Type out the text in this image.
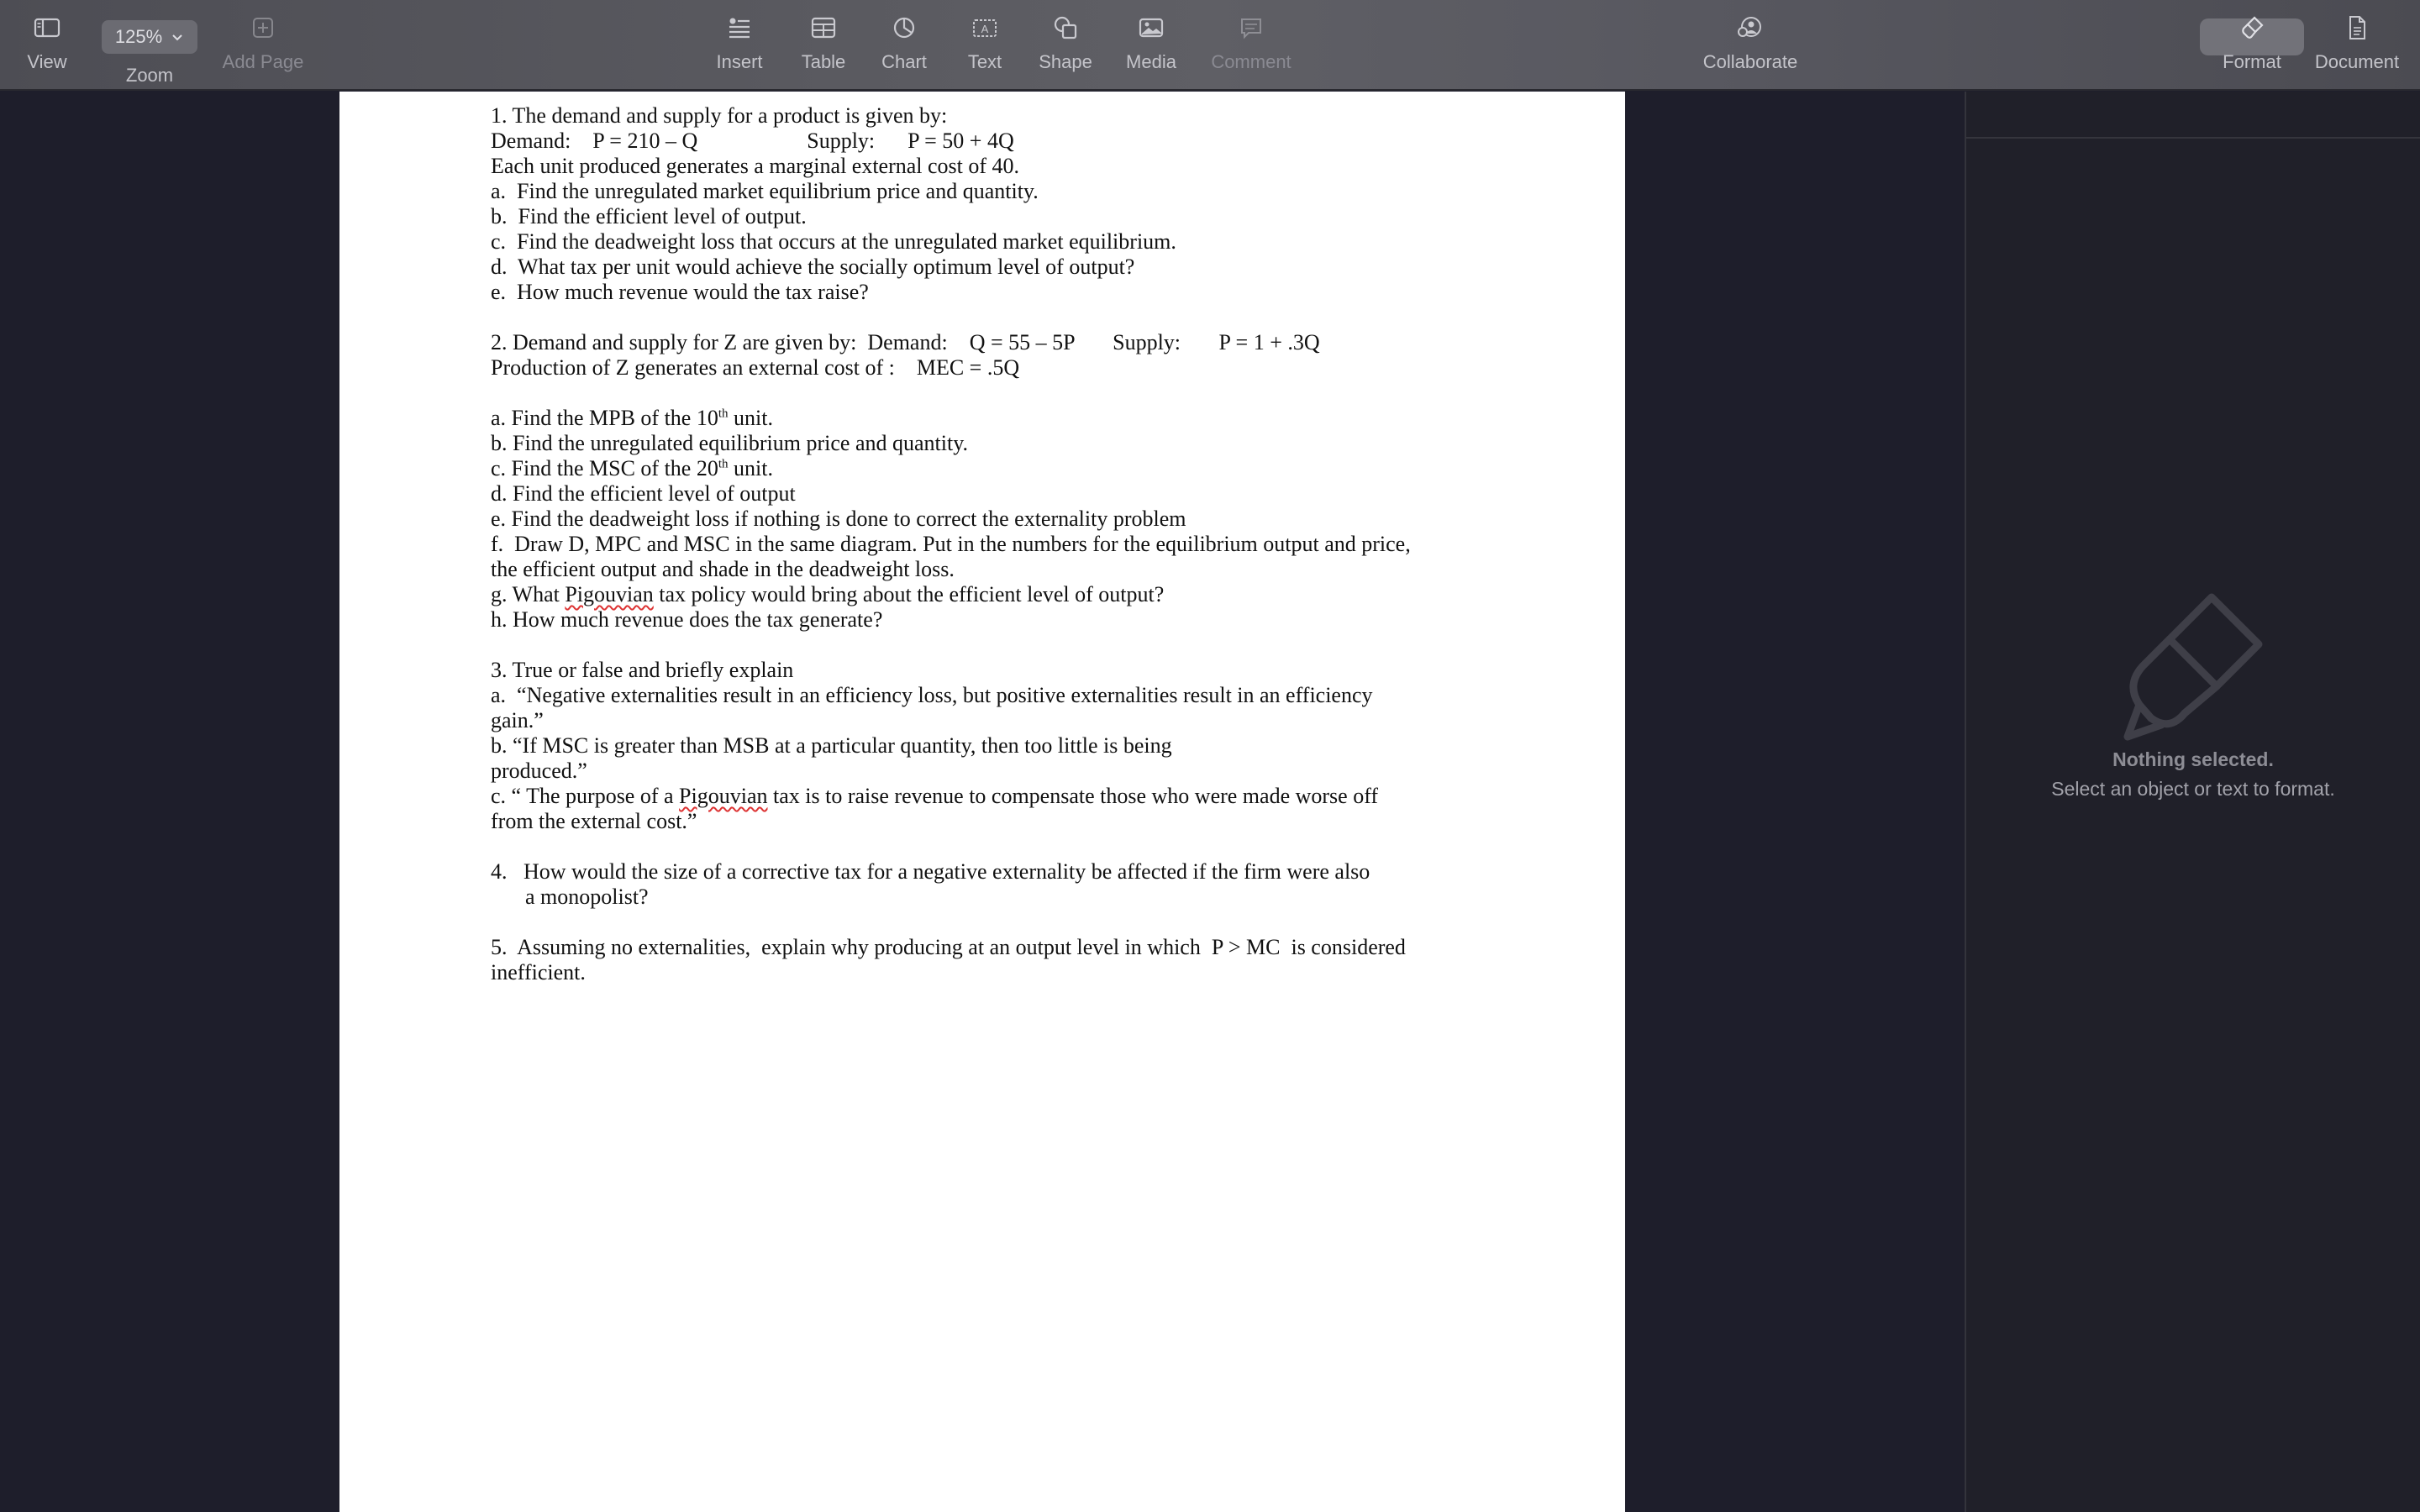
View
125%
Zoom
Add Page	Insert Table Chart
A
Text Shape Media Comment	Collaborate	Format Document
1. The demand and supply for a product is given by:
Demand:    P = 210 – Q                    Supply:      P = 50 + 4Q
Each unit produced generates a marginal external cost of 40.
a.  Find the unregulated market equilibrium price and quantity.
b.  Find the efficient level of output.
c.  Find the deadweight loss that occurs at the unregulated market equilibrium.
d.  What tax per unit would achieve the socially optimum level of output?
e.  How much revenue would the tax raise?
2. Demand and supply for Z are given by:  Demand:    Q = 55 – 5P       Supply:       P = 1 + .3Q
Production of Z generates an external cost of :    MEC = .5Q
a. Find the MPB of the 10th unit.
b. Find the unregulated equilibrium price and quantity.
c. Find the MSC of the 20th unit.
d. Find the efficient level of output
e. Find the deadweight loss if nothing is done to correct the externality problem
f.  Draw D, MPC and MSC in the same diagram. Put in the numbers for the equilibrium output and price,
the efficient output and shade in the deadweight loss.
g. What Pigouvian tax policy would bring about the efficient level of output?
h. How much revenue does the tax generate?
3. True or false and briefly explain
a.  “Negative externalities result in an efficiency loss, but positive externalities result in an efficiency
gain.”
b. “If MSC is greater than MSB at a particular quantity, then too little is being
produced.”
c. “ The purpose of a Pigouvian tax is to raise revenue to compensate those who were made worse off
from the external cost.”
4.   How would the size of a corrective tax for a negative externality be affected if the firm were also
a monopolist?
5.  Assuming no externalities,  explain why producing at an output level in which  P > MC  is considered
inefficient.
Nothing selected.
Select an object or text to format.
